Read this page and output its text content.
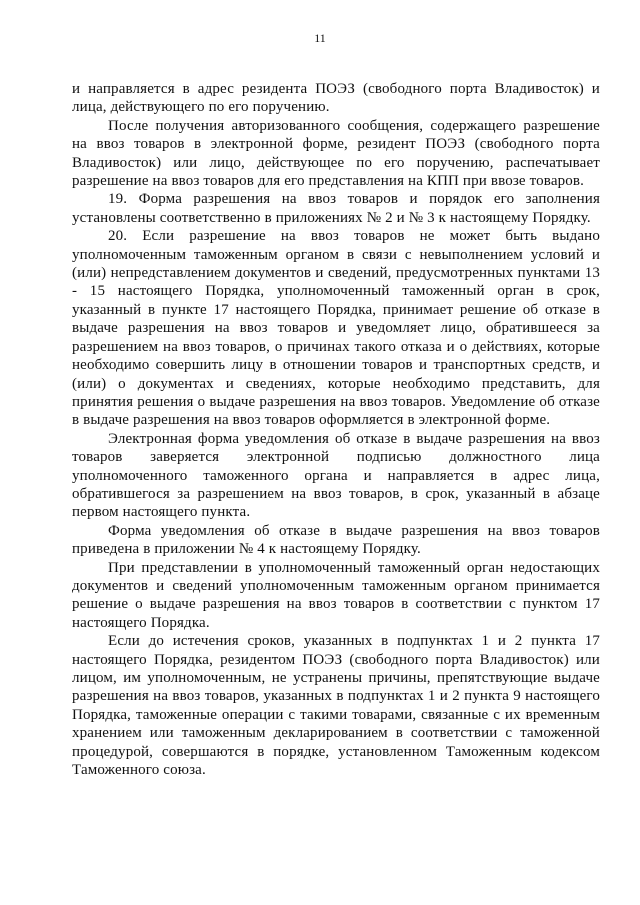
11

и направляется в адрес резидента ПОЭЗ (свободного порта Владивосток) и лица, действующего по его поручению.

После получения авторизованного сообщения, содержащего разрешение на ввоз товаров в электронной форме, резидент ПОЭЗ (свободного порта Владивосток) или лицо, действующее по его поручению, распечатывает разрешение на ввоз товаров для его представления на КПП при ввозе товаров.

19. Форма разрешения на ввоз товаров и порядок его заполнения установлены соответственно в приложениях № 2 и № 3 к настоящему Порядку.

20. Если разрешение на ввоз товаров не может быть выдано уполномоченным таможенным органом в связи с невыполнением условий и (или) непредставлением документов и сведений, предусмотренных пунктами 13 - 15 настоящего Порядка, уполномоченный таможенный орган в срок, указанный в пункте 17 настоящего Порядка, принимает решение об отказе в выдаче разрешения на ввоз товаров и уведомляет лицо, обратившееся за разрешением на ввоз товаров, о причинах такого отказа и о действиях, которые необходимо совершить лицу в отношении товаров и транспортных средств, и (или) о документах и сведениях, которые необходимо представить, для принятия решения о выдаче разрешения на ввоз товаров. Уведомление об отказе в выдаче разрешения на ввоз товаров оформляется в электронной форме.

Электронная форма уведомления об отказе в выдаче разрешения на ввоз товаров заверяется электронной подписью должностного лица уполномоченного таможенного органа и направляется в адрес лица, обратившегося за разрешением на ввоз товаров, в срок, указанный в абзаце первом настоящего пункта.

Форма уведомления об отказе в выдаче разрешения на ввоз товаров приведена в приложении № 4 к настоящему Порядку.

При представлении в уполномоченный таможенный орган недостающих документов и сведений уполномоченным таможенным органом принимается решение о выдаче разрешения на ввоз товаров в соответствии с пунктом 17 настоящего Порядка.

Если до истечения сроков, указанных в подпунктах 1 и 2 пункта 17 настоящего Порядка, резидентом ПОЭЗ (свободного порта Владивосток) или лицом, им уполномоченным, не устранены причины, препятствующие выдаче разрешения на ввоз товаров, указанных в подпунктах 1 и 2 пункта 9 настоящего Порядка, таможенные операции с такими товарами, связанные с их временным хранением или таможенным декларированием в соответствии с таможенной процедурой, совершаются в порядке, установленном Таможенным кодексом Таможенного союза.
